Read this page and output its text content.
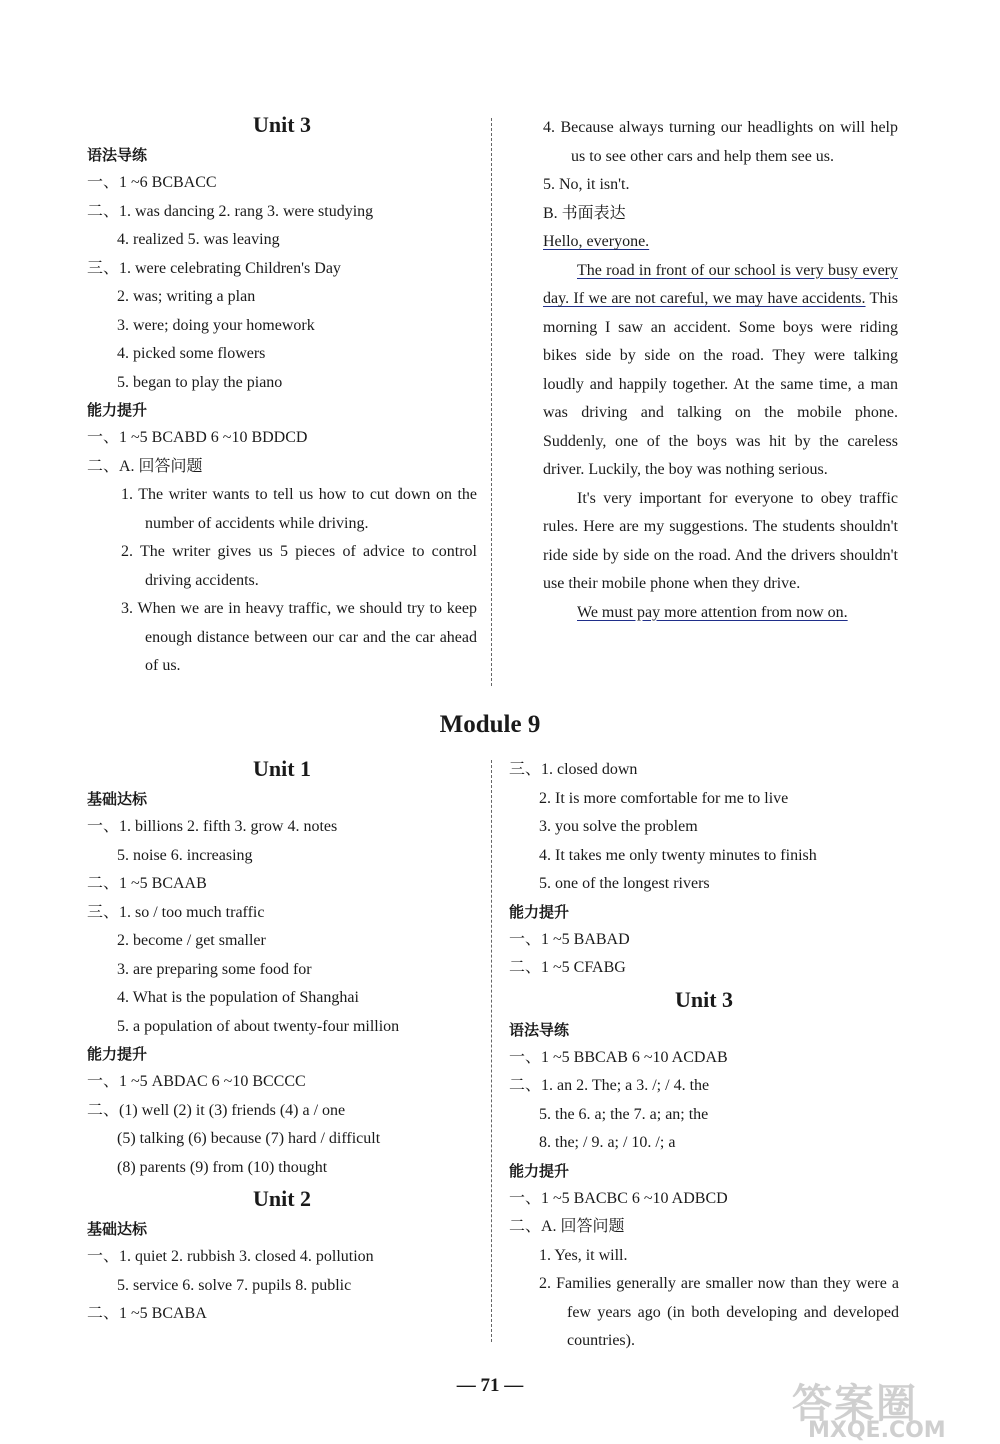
Unit 3
语法导练
一、1 ~6 BCBACC
二、1. was dancing 2. rang 3. were studying
4. realized 5. was leaving
三、1. were celebrating Children's Day
2. was; writing a plan
3. were; doing your homework
4. picked some flowers
5. began to play the piano
能力提升
一、1 ~5 BCABD 6 ~10 BDDCD
二、A. 回答问题
1. The writer wants to tell us how to cut down on the number of accidents while driving.
2. The writer gives us 5 pieces of advice to control driving accidents.
3. When we are in heavy traffic, we should try to keep enough distance between our car and the car ahead of us.
4. Because always turning our headlights on will help us to see other cars and help them see us.
5. No, it isn't.
B. 书面表达
Hello, everyone.
The road in front of our school is very busy every day. If we are not careful, we may have accidents. This morning I saw an accident. Some boys were riding bikes side by side on the road. They were talking loudly and happily together. At the same time, a man was driving and talking on the mobile phone. Suddenly, one of the boys was hit by the careless driver. Luckily, the boy was nothing serious.
It's very important for everyone to obey traffic rules. Here are my suggestions. The students shouldn't ride side by side on the road. And the drivers shouldn't use their mobile phone when they drive.
We must pay more attention from now on.
Module 9
Unit 1
基础达标
一、1. billions 2. fifth 3. grow 4. notes
5. noise 6. increasing
二、1 ~5 BCAAB
三、1. so / too much traffic
2. become / get smaller
3. are preparing some food for
4. What is the population of Shanghai
5. a population of about twenty-four million
能力提升
一、1 ~5 ABDAC 6 ~10 BCCCC
二、(1) well (2) it (3) friends (4) a / one
(5) talking (6) because (7) hard / difficult
(8) parents (9) from (10) thought
Unit 2
基础达标
一、1. quiet 2. rubbish 3. closed 4. pollution
5. service 6. solve 7. pupils 8. public
二、1 ~5 BCABA
三、1. closed down
2. It is more comfortable for me to live
3. you solve the problem
4. It takes me only twenty minutes to finish
5. one of the longest rivers
能力提升
一、1 ~5 BABAD
二、1 ~5 CFABG
Unit 3
语法导练
一、1 ~5 BBCAB 6 ~10 ACDAB
二、1. an 2. The; a 3. /; / 4. the
5. the 6. a; the 7. a; an; the
8. the; / 9. a; / 10. /; a
能力提升
一、1 ~5 BACBC 6 ~10 ADBCD
二、A. 回答问题
1. Yes, it will.
2. Families generally are smaller now than they were a few years ago (in both developing and developed countries).
— 71 —	答案圈
MXQE.COM
